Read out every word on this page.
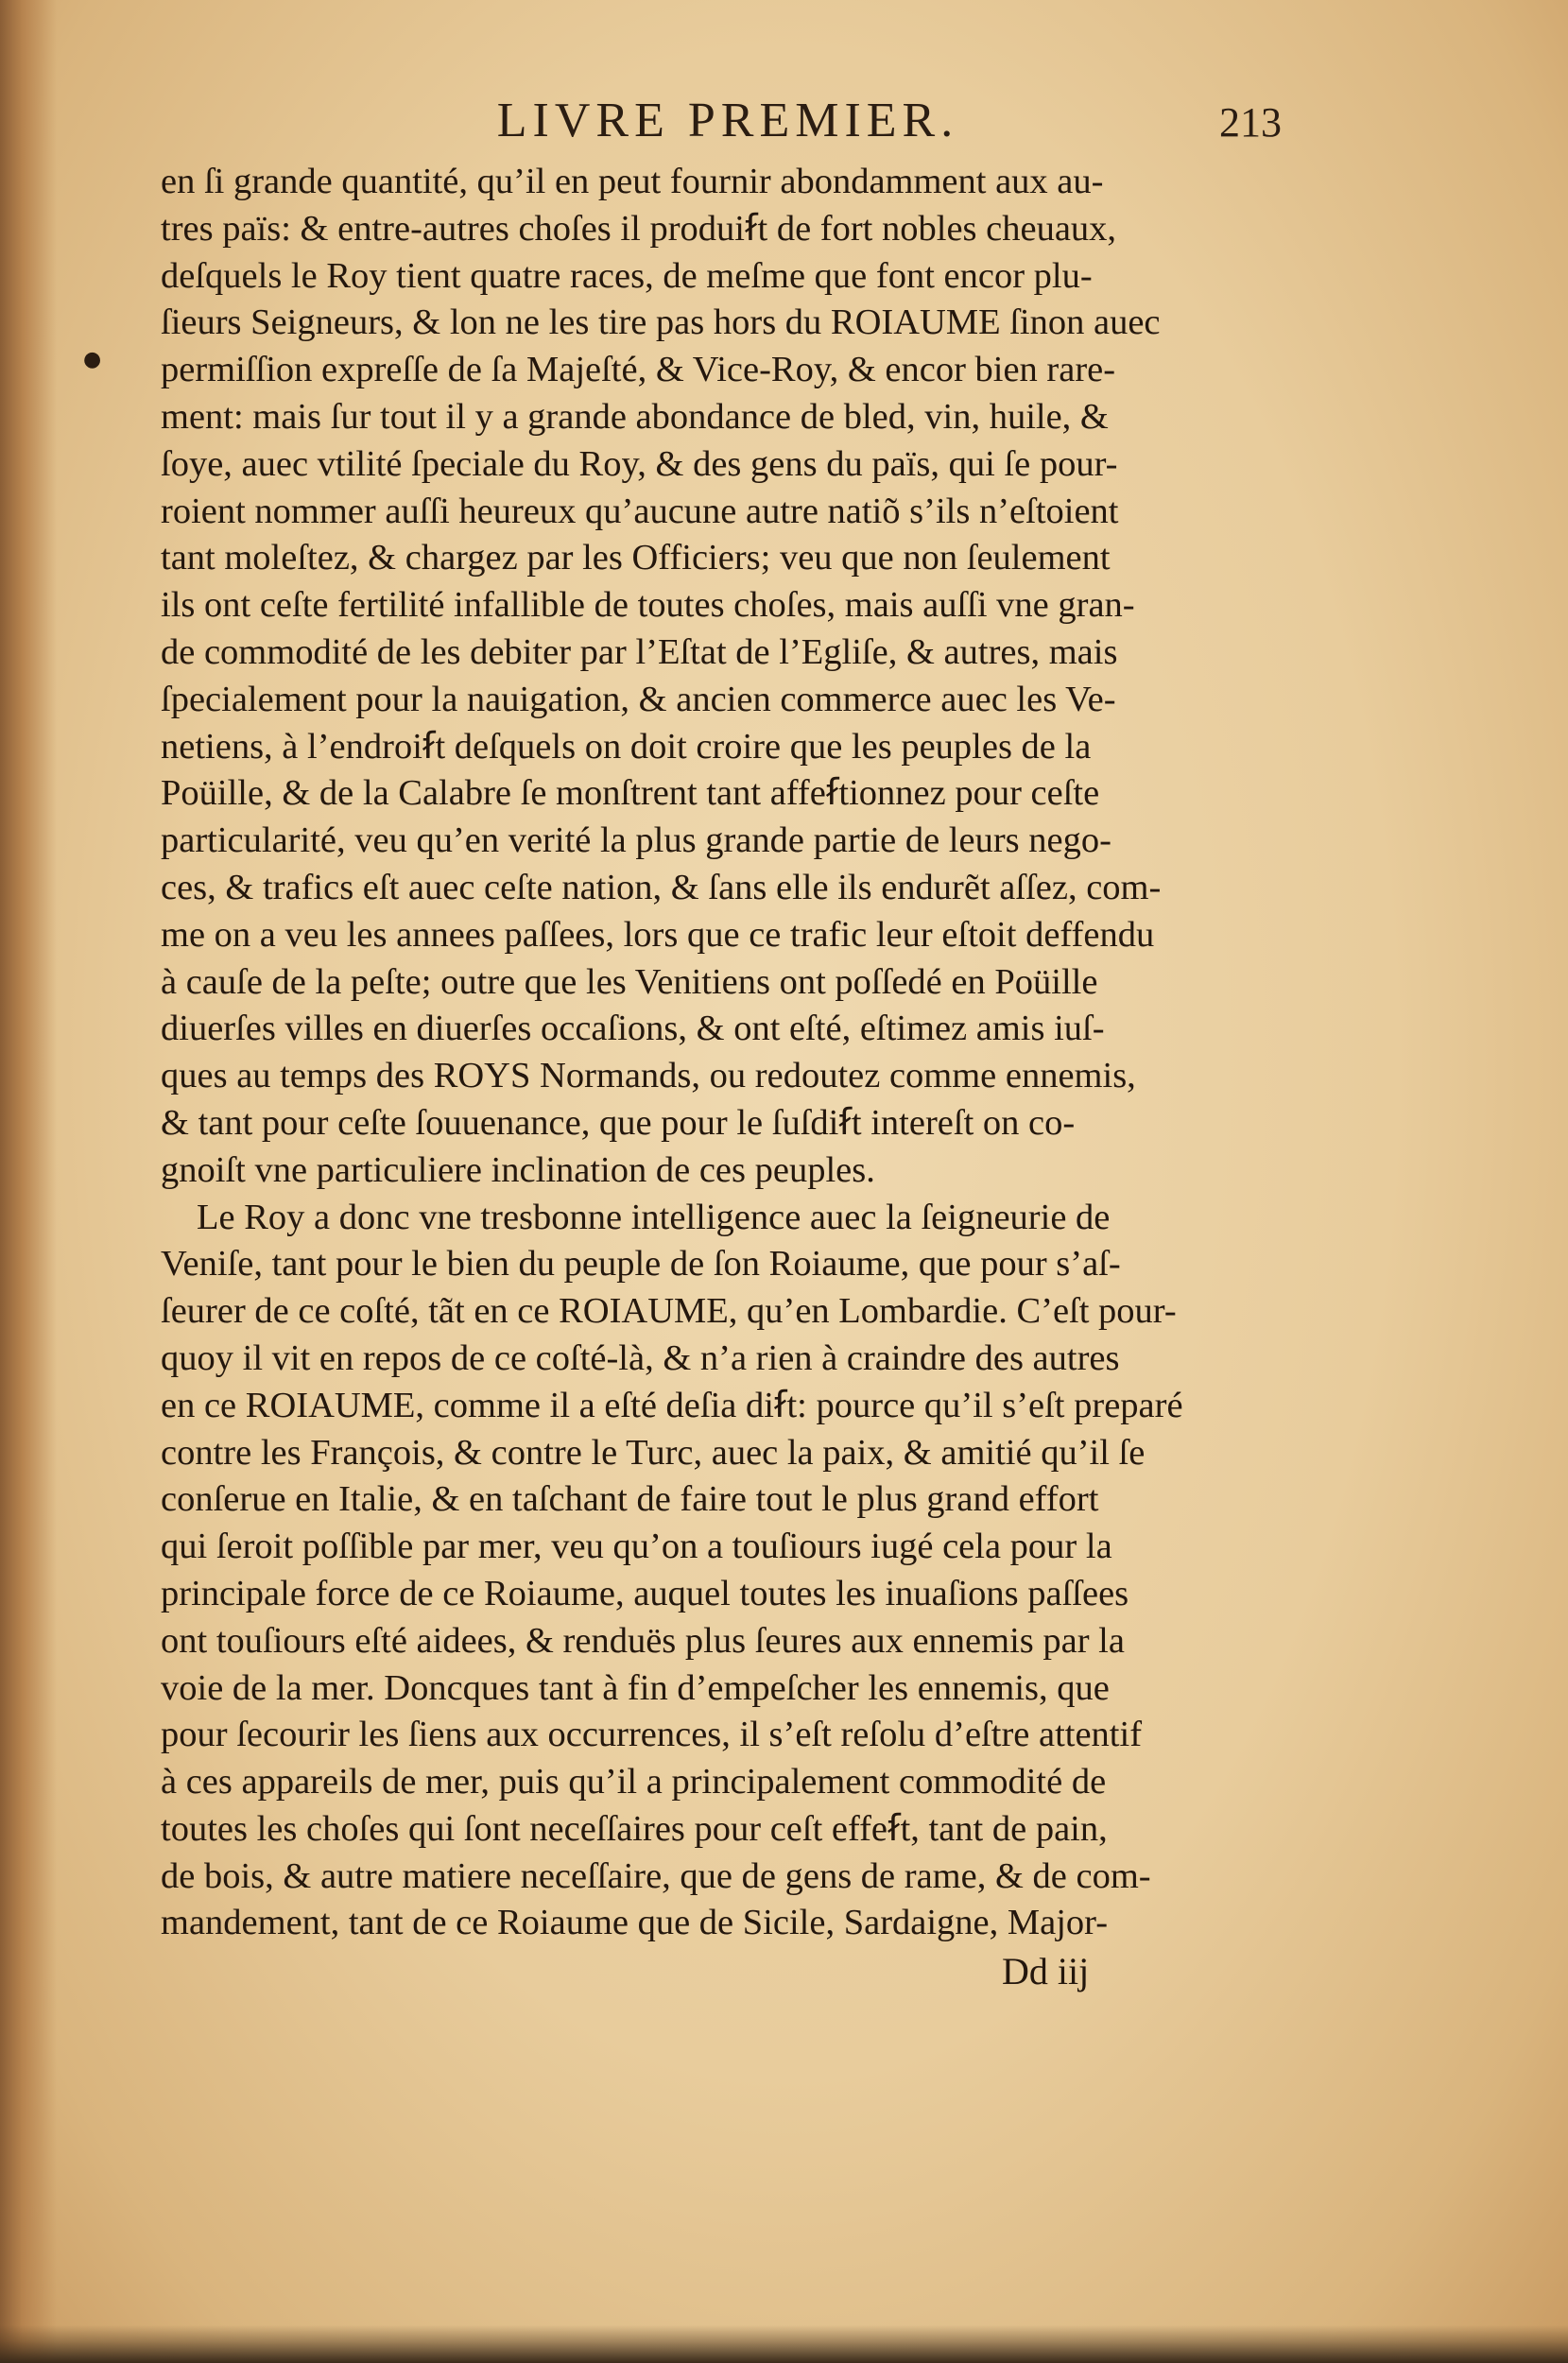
LIVRE PREMIER.	213
●
en ſi grande quantité, qu’il en peut fournir abondamment aux au-
tres païs: & entre-autres choſes il produiẜt de fort nobles cheuaux,
deſquels le Roy tient quatre races, de meſme que font encor plu-
ſieurs Seigneurs, & lon ne les tire pas hors du ROIAUME ſinon auec
permiſſion expreſſe de ſa Majeſté, & Vice-Roy, & encor bien rare-
ment: mais ſur tout il y a grande abondance de bled, vin, huile, &
ſoye, auec vtilité ſpeciale du Roy, & des gens du païs, qui ſe pour-
roient nommer auſſi heureux qu’aucune autre natiõ s’ils n’eſtoient
tant moleſtez, & chargez par les Officiers; veu que non ſeulement
ils ont ceſte fertilité infallible de toutes choſes, mais auſſi vne gran-
de commodité de les debiter par l’Eſtat de l’Egliſe, & autres, mais
ſpecialement pour la nauigation, & ancien commerce auec les Ve-
netiens, à l’endroiẜt deſquels on doit croire que les peuples de la
Poüille, & de la Calabre ſe monſtrent tant affeẜtionnez pour ceſte
particularité, veu qu’en verité la plus grande partie de leurs nego-
ces, & trafics eſt auec ceſte nation, & ſans elle ils endurẽt aſſez, com-
me on a veu les annees paſſees, lors que ce trafic leur eſtoit deffendu
à cauſe de la peſte; outre que les Venitiens ont poſſedé en Poüille
diuerſes villes en diuerſes occaſions, & ont eſté, eſtimez amis iuſ-
ques au temps des ROYS Normands, ou redoutez comme ennemis,
& tant pour ceſte ſouuenance, que pour le ſuſdiẜt intereſt on co-
gnoiſt vne particuliere inclination de ces peuples.
Le Roy a donc vne tresbonne intelligence auec la ſeigneurie de
Veniſe, tant pour le bien du peuple de ſon Roiaume, que pour s’aſ-
ſeurer de ce coſté, tãt en ce ROIAUME, qu’en Lombardie. C’eſt pour-
quoy il vit en repos de ce coſté-là, & n’a rien à craindre des autres
en ce ROIAUME, comme il a eſté deſia diẜt: pource qu’il s’eſt preparé
contre les François, & contre le Turc, auec la paix, & amitié qu’il ſe
conſerue en Italie, & en taſchant de faire tout le plus grand effort
qui ſeroit poſſible par mer, veu qu’on a touſiours iugé cela pour la
principale force de ce Roiaume, auquel toutes les inuaſions paſſees
ont touſiours eſté aidees, & renduës plus ſeures aux ennemis par la
voie de la mer. Doncques tant à fin d’empeſcher les ennemis, que
pour ſecourir les ſiens aux occurrences, il s’eſt reſolu d’eſtre attentif
à ces appareils de mer, puis qu’il a principalement commodité de
toutes les choſes qui ſont neceſſaires pour ceſt effeẜt, tant de pain,
de bois, & autre matiere neceſſaire, que de gens de rame, & de com-
mandement, tant de ce Roiaume que de Sicile, Sardaigne, Major-
Dd iij
